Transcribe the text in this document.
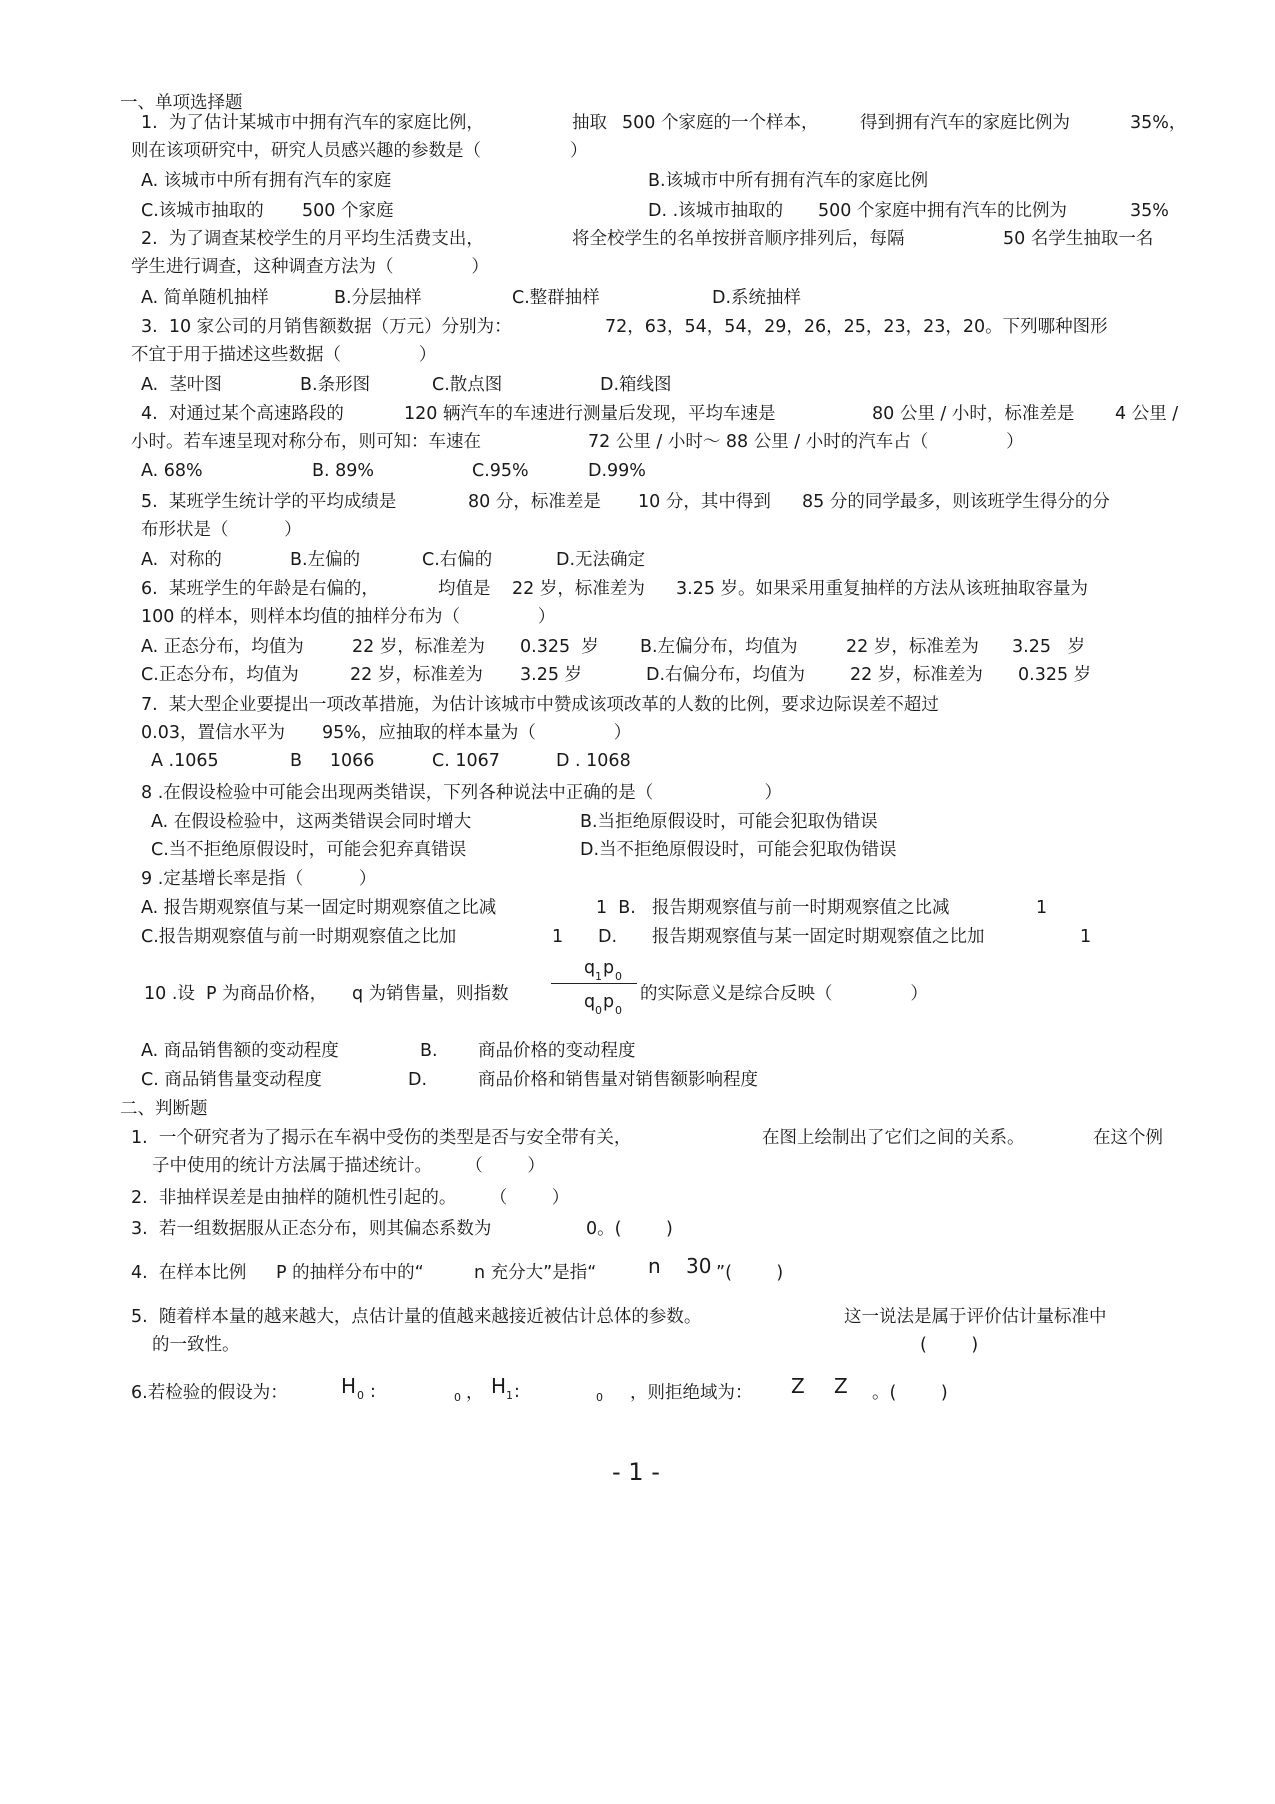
一、单项选择题
1.  为了估计某城市中拥有汽车的家庭比例，	抽取 500 个家庭的一个样本， 得到拥有汽车的家庭比例为	35%，
则在该项研究中，研究人员感兴趣的参数是（                ）
A. 该城市中所有拥有汽车的家庭	B.该城市中所有拥有汽车的家庭比例
C.该城市抽取的 500 个家庭	D. .该城市抽取的 500 个家庭中拥有汽车的比例为	35%
2.  为了调查某校学生的月平均生活费支出，	将全校学生的名单按拼音顺序排列后，每隔	50 名学生抽取一名
学生进行调查，这种调查方法为（              ）
A. 简单随机抽样	B.分层抽样	C.整群抽样	D.系统抽样
3.  10 家公司的月销售额数据（万元）分别为：	72，63，54，54，29，26，25，23，23，20。下列哪种图形
不宜于用于描述这些数据（              ）
A.  茎叶图	B.条形图	C.散点图	D.箱线图
4.  对通过某个高速路段的	120 辆汽车的车速进行测量后发现，平均车速是	80 公里 / 小时，标准差是 4 公里 /
小时。若车速呈现对称分布，则可知：车速在	72 公里 / 小时～ 88 公里 / 小时的汽车占（              ）
A. 68%	B. 89%	C.95%	D.99%
5.  某班学生统计学的平均成绩是	80 分，标准差是 10 分，其中得到 85 分的同学最多，则该班学生得分的分
布形状是（          ）
A.  对称的	B.左偏的	C.右偏的	D.无法确定
6.  某班学生的年龄是右偏的，	均值是 22 岁，标准差为 3.25 岁。如果采用重复抽样的方法从该班抽取容量为
100 的样本，则样本均值的抽样分布为（              ）
A. 正态分布，均值为	22 岁，标准差为 0.325  岁 B.左偏分布，均值为	22 岁，标准差为 3.25   岁
C.正态分布，均值为	22 岁，标准差为 3.25 岁	D.右偏分布，均值为	22 岁，标准差为 0.325 岁
7.  某大型企业要提出一项改革措施，为估计该城市中赞成该项改革的人数的比例，要求边际误差不超过
0.03，置信水平为 95%，应抽取的样本量为（              ）
A .1065	B     1066	C. 1067	D . 1068
8 .在假设检验中可能会出现两类错误，下列各种说法中正确的是（                    ）
A. 在假设检验中，这两类错误会同时增大	B.当拒绝原假设时，可能会犯取伪错误
C.当不拒绝原假设时，可能会犯弃真错误	D.当不拒绝原假设时，可能会犯取伪错误
9 .定基增长率是指（          ）
A. 报告期观察值与某一固定时期观察值之比减	1  B. 报告期观察值与前一时期观察值之比减	1
C.报告期观察值与前一时期观察值之比加	1 D. 报告期观察值与某一固定时期观察值之比加	1
10 .设  P 为商品价格， q 为销售量，则指数
q 1 p 0
q 0 p 0
的实际意义是综合反映（              ）
A. 商品销售额的变动程度	B. 商品价格的变动程度
C. 商品销售量变动程度	D.	商品价格和销售量对销售额影响程度
二、判断题
1.  一个研究者为了揭示在车祸中受伤的类型是否与安全带有关，	在图上绘制出了它们之间的关系。	在这个例
子中使用的统计方法属于描述统计。      （        ）
2.  非抽样误差是由抽样的随机性引起的。      （        ）
3.  若一组数据服从正态分布，则其偏态系数为	0。(        )
4.  在样本比例 P 的抽样分布中的“	n 充分大”是指“	n 30 ”(        )
5.  随着样本量的越来越大，点估计量的值越来越接近被估计总体的参数。	这一说法是属于评价估计量标准中
的一致性。	(        )
6.若检验的假设为：	H 0 :	0 ， H 1 :	0 ，则拒绝域为： Z Z 。(        )
- 1 -
